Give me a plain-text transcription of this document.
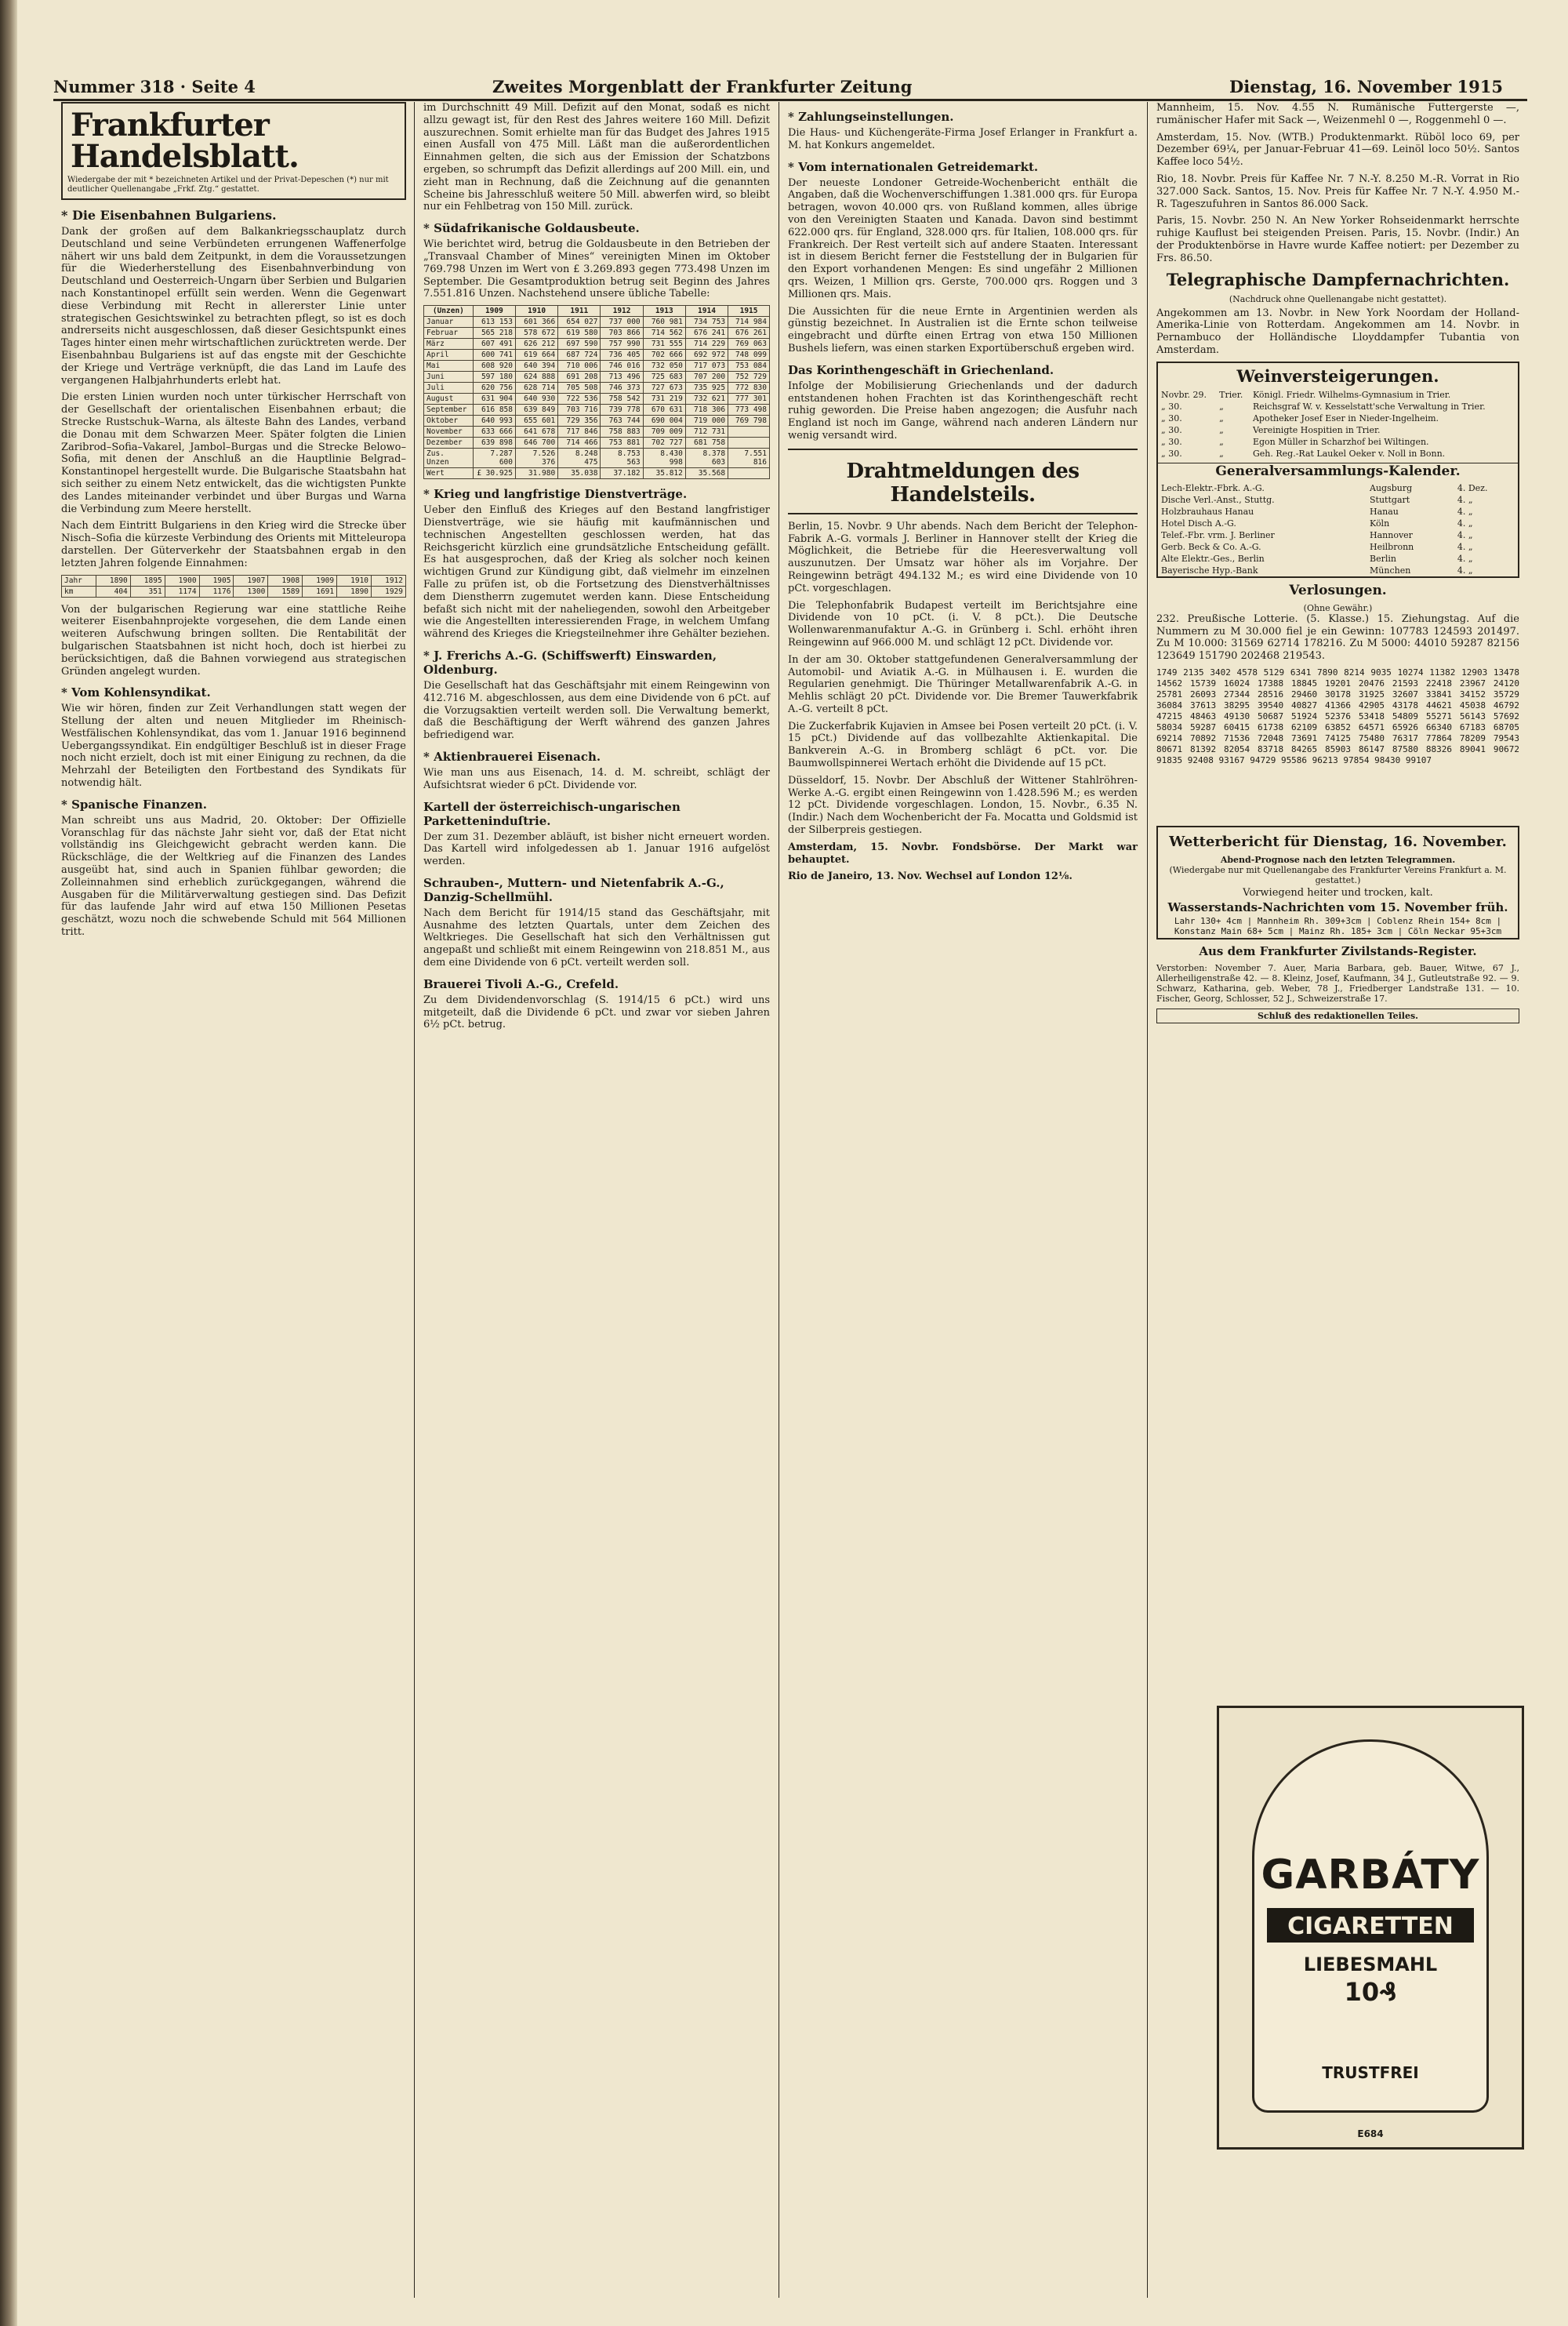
Nummer 318 · Seite 4	Zweites Morgenblatt der Frankfurter Zeitung	Dienstag, 16. November 1915
Frankfurter Handelsblatt.
Wiedergabe der mit * bezeichneten Artikel und der Privat-Depeschen (*) nur mit deutlicher Quellenangabe „Frkf. Ztg.“ gestattet.
* Die Eisenbahnen Bulgariens.

Dank der großen auf dem Balkankriegsschauplatz durch Deutschland und seine Verbündeten errungenen Waffenerfolge nähert wir uns bald dem Zeitpunkt, in dem die Voraussetzungen für die Wiederherstellung des Eisenbahnverbindung von Deutschland und Oesterreich-Ungarn über Serbien und Bulgarien nach Konstantinopel erfüllt sein werden. Wenn die Gegenwart diese Verbindung mit Recht in allererster Linie unter strategischen Gesichtswinkel zu betrachten pflegt, so ist es doch andrerseits nicht ausgeschlossen, daß dieser Gesichtspunkt eines Tages hinter einen mehr wirtschaftlichen zurücktreten werde. Der Eisenbahnbau Bulgariens ist auf das engste mit der Geschichte der Kriege und Verträge verknüpft, die das Land im Laufe des vergangenen Halbjahrhunderts erlebt hat.

Die ersten Linien wurden noch unter türkischer Herrschaft von der Gesellschaft der orientalischen Eisenbahnen erbaut; die Strecke Rustschuk–Warna, als älteste Bahn des Landes, verband die Donau mit dem Schwarzen Meer. Später folgten die Linien Zaribrod–Sofia–Vakarel, Jambol–Burgas und die Strecke Belowo–Sofia, mit denen der Anschluß an die Hauptlinie Belgrad–Konstantinopel hergestellt wurde. Die Bulgarische Staatsbahn hat sich seither zu einem Netz entwickelt, das die wichtigsten Punkte des Landes miteinander verbindet und über Burgas und Warna die Verbindung zum Meere herstellt.

Nach dem Eintritt Bulgariens in den Krieg wird die Strecke über Nisch–Sofia die kürzeste Verbindung des Orients mit Mitteleuropa darstellen. Der Güterverkehr der Staatsbahnen ergab in den letzten Jahren folgende Einnahmen:

Jahr	1890	1895	1900	1905	1907	1908	1909	1910	1912
km	404	351	1174	1176	1300	1589	1691	1890	1929

Von der bulgarischen Regierung war eine stattliche Reihe weiterer Eisenbahnprojekte vorgesehen, die dem Lande einen weiteren Aufschwung bringen sollten. Die Rentabilität der bulgarischen Staatsbahnen ist nicht hoch, doch ist hierbei zu berücksichtigen, daß die Bahnen vorwiegend aus strategischen Gründen angelegt wurden.

* Vom Kohlensyndikat.

Wie wir hören, finden zur Zeit Verhandlungen statt wegen der Stellung der alten und neuen Mitglieder im Rheinisch-Westfälischen Kohlensyndikat, das vom 1. Januar 1916 beginnend Uebergangssyndikat. Ein endgültiger Beschluß ist in dieser Frage noch nicht erzielt, doch ist mit einer Einigung zu rechnen, da die Mehrzahl der Beteiligten den Fortbestand des Syndikats für notwendig hält.

* Spanische Finanzen.

Man schreibt uns aus Madrid, 20. Oktober: Der Offizielle Voranschlag für das nächste Jahr sieht vor, daß der Etat nicht vollständig ins Gleichgewicht gebracht werden kann. Die Rückschläge, die der Weltkrieg auf die Finanzen des Landes ausgeübt hat, sind auch in Spanien fühlbar geworden; die Zolleinnahmen sind erheblich zurückgegangen, während die Ausgaben für die Militärverwaltung gestiegen sind. Das Defizit für das laufende Jahr wird auf etwa 150 Millionen Pesetas geschätzt, wozu noch die schwebende Schuld mit 564 Millionen tritt.

im Durchschnitt 49 Mill. Defizit auf den Monat, sodaß es nicht allzu gewagt ist, für den Rest des Jahres weitere 160 Mill. Defizit auszurechnen. Somit erhielte man für das Budget des Jahres 1915 einen Ausfall von 475 Mill. Läßt man die außerordentlichen Einnahmen gelten, die sich aus der Emission der Schatzbons ergeben, so schrumpft das Defizit allerdings auf 200 Mill. ein, und zieht man in Rechnung, daß die Zeichnung auf die genannten Scheine bis Jahresschluß weitere 50 Mill. abwerfen wird, so bleibt nur ein Fehlbetrag von 150 Mill. zurück.

* Südafrikanische Goldausbeute.

Wie berichtet wird, betrug die Goldausbeute in den Betrieben der „Transvaal Chamber of Mines“ vereinigten Minen im Oktober 769.798 Unzen im Wert von £ 3.269.893 gegen 773.498 Unzen im September. Die Gesamtproduktion betrug seit Beginn des Jahres 7.551.816 Unzen. Nachstehend unsere übliche Tabelle:

(Unzen)	1909	1910	1911	1912	1913	1914	1915
Januar	613 153	601 366	654 027	737 000	760 981	734 753	714 984
Februar	565 218	578 672	619 580	703 866	714 562	676 241	676 261
März	607 491	626 212	697 590	757 990	731 555	714 229	769 063
April	600 741	619 664	687 724	736 405	702 666	692 972	748 099
Mai	608 920	640 394	710 006	746 016	732 050	717 073	753 084
Juni	597 180	624 888	691 208	713 496	725 683	707 200	752 729
Juli	620 756	628 714	705 508	746 373	727 673	735 925	772 830
August	631 904	640 930	722 536	758 542	731 219	732 621	777 301
September	616 858	639 849	703 716	739 778	670 631	718 306	773 498
Oktober	640 993	655 601	729 356	763 744	690 004	719 000	769 798
November	633 666	641 678	717 846	758 883	709 009	712 731	
Dezember	639 898	646 700	714 466	753 881	702 727	681 758	
Zus. Unzen	7.287 600	7.526 376	8.248 475	8.753 563	8.430 998	8.378 603	7.551 816
Wert	£ 30.925	31.980	35.038	37.182	35.812	35.568	
* Krieg und langfristige Dienstverträge.

Ueber den Einfluß des Krieges auf den Bestand langfristiger Dienstverträge, wie sie häufig mit kaufmännischen und technischen Angestellten geschlossen werden, hat das Reichsgericht kürzlich eine grundsätzliche Entscheidung gefällt. Es hat ausgesprochen, daß der Krieg als solcher noch keinen wichtigen Grund zur Kündigung gibt, daß vielmehr im einzelnen Falle zu prüfen ist, ob die Fortsetzung des Dienstverhältnisses dem Dienstherrn zugemutet werden kann. Diese Entscheidung befaßt sich nicht mit der naheliegenden, sowohl den Arbeitgeber wie die Angestellten interessierenden Frage, in welchem Umfang während des Krieges die Kriegsteilnehmer ihre Gehälter beziehen.

* J. Frerichs A.-G. (Schiffswerft) Einswarden, Oldenburg.

Die Gesellschaft hat das Geschäftsjahr mit einem Reingewinn von 412.716 M. abgeschlossen, aus dem eine Dividende von 6 pCt. auf die Vorzugsaktien verteilt werden soll. Die Verwaltung bemerkt, daß die Beschäftigung der Werft während des ganzen Jahres befriedigend war.

* Aktienbrauerei Eisenach.

Wie man uns aus Eisenach, 14. d. M. schreibt, schlägt der Aufsichtsrat wieder 6 pCt. Dividende vor.

Kartell der österreichisch-ungarischen Parketteninduſtrie.

Der zum 31. Dezember abläuft, ist bisher nicht erneuert worden. Das Kartell wird infolgedessen ab 1. Januar 1916 aufgelöst werden.

Schrauben-, Muttern- und Nietenfabrik A.-G., Danzig-Schellmühl.

Nach dem Bericht für 1914/15 stand das Geschäftsjahr, mit Ausnahme des letzten Quartals, unter dem Zeichen des Weltkrieges. Die Gesellschaft hat sich den Verhältnissen gut angepaßt und schließt mit einem Reingewinn von 218.851 M., aus dem eine Dividende von 6 pCt. verteilt werden soll.

Brauerei Tivoli A.-G., Crefeld.

Zu dem Dividendenvorschlag (S. 1914/15 6 pCt.) wird uns mitgeteilt, daß die Dividende 6 pCt. und zwar vor sieben Jahren 6½ pCt. betrug.

* Zahlungseinstellungen.

Die Haus- und Küchengeräte-Firma Josef Erlanger in Frankfurt a. M. hat Konkurs angemeldet.

* Vom internationalen Getreidemarkt.

Der neueste Londoner Getreide-Wochenbericht enthält die Angaben, daß die Wochenverschiffungen 1.381.000 qrs. für Europa betragen, wovon 40.000 qrs. von Rußland kommen, alles übrige von den Vereinigten Staaten und Kanada. Davon sind bestimmt 622.000 qrs. für England, 328.000 qrs. für Italien, 108.000 qrs. für Frankreich. Der Rest verteilt sich auf andere Staaten. Interessant ist in diesem Bericht ferner die Feststellung der in Bulgarien für den Export vorhandenen Mengen: Es sind ungefähr 2 Millionen qrs. Weizen, 1 Million qrs. Gerste, 700.000 qrs. Roggen und 3 Millionen qrs. Mais.

Die Aussichten für die neue Ernte in Argentinien werden als günstig bezeichnet. In Australien ist die Ernte schon teilweise eingebracht und dürfte einen Ertrag von etwa 150 Millionen Bushels liefern, was einen starken Exportüberschuß ergeben wird.

Das Korinthengeschäft in Griechenland.

Infolge der Mobilisierung Griechenlands und der dadurch entstandenen hohen Frachten ist das Korinthengeschäft recht ruhig geworden. Die Preise haben angezogen; die Ausfuhr nach England ist noch im Gange, während nach anderen Ländern nur wenig versandt wird.

Drahtmeldungen des Handelsteils.

Berlin, 15. Novbr. 9 Uhr abends. Nach dem Bericht der Telephon-Fabrik A.-G. vormals J. Berliner in Hannover stellt der Krieg die Möglichkeit, die Betriebe für die Heeresverwaltung voll auszunutzen. Der Umsatz war höher als im Vorjahre. Der Reingewinn beträgt 494.132 M.; es wird eine Dividende von 10 pCt. vorgeschlagen.

Die Telephonfabrik Budapest verteilt im Berichtsjahre eine Dividende von 10 pCt. (i. V. 8 pCt.). Die Deutsche Wollenwarenmanufaktur A.-G. in Grünberg i. Schl. erhöht ihren Reingewinn auf 966.000 M. und schlägt 12 pCt. Dividende vor.

In der am 30. Oktober stattgefundenen Generalversammlung der Automobil- und Aviatik A.-G. in Mülhausen i. E. wurden die Regularien genehmigt. Die Thüringer Metallwarenfabrik A.-G. in Mehlis schlägt 20 pCt. Dividende vor. Die Bremer Tauwerkfabrik A.-G. verteilt 8 pCt.

Die Zuckerfabrik Kujavien in Amsee bei Posen verteilt 20 pCt. (i. V. 15 pCt.) Dividende auf das vollbezahlte Aktienkapital. Die Bankverein A.-G. in Bromberg schlägt 6 pCt. vor. Die Baumwollspinnerei Wertach erhöht die Dividende auf 15 pCt.

Düsseldorf, 15. Novbr. Der Abschluß der Wittener Stahlröhren-Werke A.-G. ergibt einen Reingewinn von 1.428.596 M.; es werden 12 pCt. Dividende vorgeschlagen. London, 15. Novbr., 6.35 N. (Indir.) Nach dem Wochenbericht der Fa. Mocatta und Goldsmid ist der Silberpreis gestiegen.

Amsterdam, 15. Novbr. Fondsbörse. Der Markt war behauptet.

Rio de Janeiro, 13. Nov. Wechsel auf London 12⅛.

Mannheim, 15. Nov. 4.55 N. Rumänische Futtergerste —, rumänischer Hafer mit Sack —, Weizenmehl 0 —, Roggenmehl 0 —.

Amsterdam, 15. Nov. (WTB.) Produktenmarkt. Rüböl loco 69, per Dezember 69¼, per Januar-Februar 41—69. Leinöl loco 50½. Santos Kaffee loco 54½.

Rio, 18. Novbr. Preis für Kaffee Nr. 7 N.-Y. 8.250 M.-R. Vorrat in Rio 327.000 Sack. Santos, 15. Nov. Preis für Kaffee Nr. 7 N.-Y. 4.950 M.-R. Tageszufuhren in Santos 86.000 Sack.

Paris, 15. Novbr. 250 N. An New Yorker Rohseidenmarkt herrschte ruhige Kauflust bei steigenden Preisen. Paris, 15. Novbr. (Indir.) An der Produktenbörse in Havre wurde Kaffee notiert: per Dezember zu Frs. 86.50.

Telegraphische Dampfernachrichten.
(Nachdruck ohne Quellenangabe nicht gestattet).

Angekommen am 13. Novbr. in New York Noordam der Holland-Amerika-Linie von Rotterdam. Angekommen am 14. Novbr. in Pernambuco der Holländische Lloyddampfer Tubantia von Amsterdam.

Weinversteigerungen.
Novbr. 29.	Trier.	Königl. Friedr. Wilhelms-Gymnasium in Trier.
„ 30.	„	Reichsgraf W. v. Kesselstatt'sche Verwaltung in Trier.
„ 30.	„	Apotheker Josef Eser in Nieder-Ingelheim.
„ 30.	„	Vereinigte Hospitien in Trier.
„ 30.	„	Egon Müller in Scharzhof bei Wiltingen.
„ 30.	„	Geh. Reg.-Rat Laukel Oeker v. Noll in Bonn.
Generalversammlungs-Kalender.
Lech-Elektr.-Fbrk. A.-G.	Augsburg	4. Dez.
Dische Verl.-Anst., Stuttg.	Stuttgart	4. „
Holzbrauhaus Hanau	Hanau	4. „
Hotel Disch A.-G.	Köln	4. „
Telef.-Fbr. vrm. J. Berliner	Hannover	4. „
Gerb. Beck & Co. A.-G.	Heilbronn	4. „
Alte Elektr.-Ges., Berlin	Berlin	4. „
Bayerische Hyp.-Bank	München	4. „
Verlosungen.
(Ohne Gewähr.)

232. Preußische Lotterie. (5. Klasse.) 15. Ziehungstag. Auf die Nummern zu M 30.000 fiel je ein Gewinn: 107783 124593 201497. Zu M 10.000: 31569 62714 178216. Zu M 5000: 44010 59287 82156 123649 151790 202468 219543.

1749 2135 3402 4578 5129 6341 7890 8214 9035 10274 11382 12903 13478 14562 15739 16024 17388 18845 19201 20476 21593 22418 23967 24120 25781 26093 27344 28516 29460 30178 31925 32607 33841 34152 35729 36084 37613 38295 39540 40827 41366 42905 43178 44621 45038 46792 47215 48463 49130 50687 51924 52376 53418 54809 55271 56143 57692 58034 59287 60415 61738 62109 63852 64571 65926 66340 67183 68705 69214 70892 71536 72048 73691 74125 75480 76317 77864 78209 79543 80671 81392 82054 83718 84265 85903 86147 87580 88326 89041 90672 91835 92408 93167 94729 95586 96213 97854 98430 99107

Wetterbericht für Dienstag, 16. November.
Abend-Prognose nach den letzten Telegrammen.
(Wiedergabe nur mit Quellenangabe des Frankfurter Vereins Frankfurt a. M. gestattet.)
Vorwiegend heiter und trocken, kalt.
Wasserstands-Nachrichten vom 15. November früh.
Lahr 130+ 4cm | Mannheim Rh. 309+3cm | Coblenz Rhein 154+ 8cm | Konstanz Main 68+ 5cm | Mainz Rh. 185+ 3cm | Cöln Neckar 95+3cm
Aus dem Frankfurter Zivilstands-Register.

Verstorben: November 7. Auer, Maria Barbara, geb. Bauer, Witwe, 67 J., Allerheiligenstraße 42. — 8. Kleinz, Josef, Kaufmann, 34 J., Gutleutstraße 92. — 9. Schwarz, Katharina, geb. Weber, 78 J., Friedberger Landstraße 131. — 10. Fischer, Georg, Schlosser, 52 J., Schweizerstraße 17.

Schluß des redaktionellen Teiles.
GARBÁTY
CIGARETTEN
LIEBESMAHL
10₰
TRUSTFREI
E684
